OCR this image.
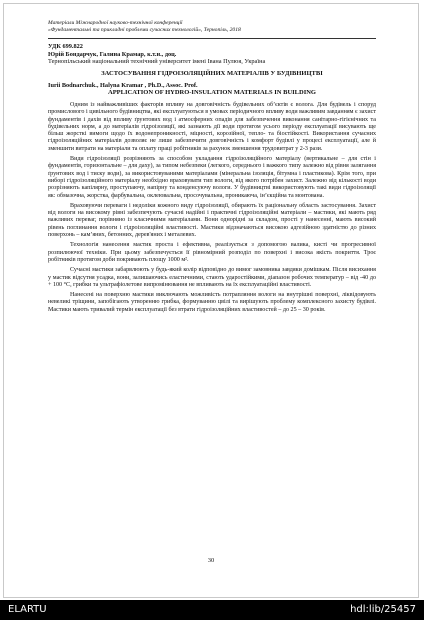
Матеріали Міжнародної науково-технічної конференції
«Фундаментальні та прикладні проблеми сучасних технологій», Тернопіль, 2018
УДК 699.822
Юрій Бондарчук, Галина Крамар, к.т.н., доц.
Тернопільський національний технічний університет імені Івана Пулюя, Україна
ЗАСТОСУВАННЯ ГІДРОІЗОЛЯЦІЙНИХ МАТЕРІАЛІВ У БУДІВНИЦТВІ
Iurii Bodnarchuk., Halyna Kramar , Ph.D., Assoc. Prof.
APPLICATION OF HYDRO-INSULATION MATERIALS IN BUILDING

Одним із найважливіших факторів впливу на довговічність будівельних об’єктів є волога. Для будівель і споруд промислового і цивільного будівництва, які експлуатуються в умовах періодичного впливу води важливим завданням є захист фундаментів і дахів від впливу ґрунтових вод і атмосферних опадів для забезпечення виконання санітарно-гігієнічних та будівельних норм, а до матеріалів гідроізоляції, які зазнають дії води протягом усього періоду експлуатації висувають ще більш жорсткі вимоги щодо їх водонепроникності, міцності, корозійної, тепло- та біостійкості. Використання сучасних гідроізоляційних матеріалів дозволяє не лише забезпечити довговічність і комфорт будівлі у процесі експлуатації, але й зменшити витрати на матеріали та оплату праці робітників за рахунок зменшення трудовитрат у 2-3 рази.

Види гідроізоляції розрізняють за способом укладання гідроізоляційного матеріалу (вертикальне – для стін і фундаментів, горизонтальне – для даху), за типом небезпеки (легкого, середнього і важкого типу залежно від рівня залягання ґрунтових вод і тиску води), за використовуваними матеріалами (мінеральна ізоляція, бітумна і пластикова). Крім того, при виборі гідроізоляційного матеріалу необхідно враховувати тип вологи, від якого потрібен захист. Залежно від кількості води розрізняють капілярну, проступаючу, напірну та конденсуючу вологи. У будівництві використовують такі види гідроізоляції як: обмазочна, жорстка, фарбувальна, оклеювальна, просочувальна, проникаюча, ін’єкційна та монтована.

Враховуючи переваги і недоліки кожного виду гідроізоляції, обирають їх раціональну область застосування. Захист від вологи на високому рівні забезпечують сучасні надійні і практичні гідроізоляційні матеріали – мастики, які мають ряд важливих переваг, порівняно із класичними матеріалами. Вони однорідні за складом, прості у нанесенні, мають високий рівень поглинання вологи і гідроізоляційні властивості. Мастики відзначаються високою адгезійною здатністю до різних поверхонь – кам’яних, бетонних, дерев'яних і металевих.

Технологія нанесення мастик проста і ефективна, реалізується з допомогою валика, кисті чи прогресивної розпилюючої техніки. При цьому забезпечується її рівномірний розподіл по поверхні і висока якість покриття. Троє робітників протягом доби покривають площу 1000 м².

Сучасні мастики забарвлюють у будь-який колір відповідно до вимог замовника завдяки домішкам. Після висихання у мастик відсутня усадка, вони, залишаючись еластичними, стають ударостійкими, діапазон робочих температур – від -40 до + 100 °С, грибки та ультрафіолетове випромінювання не впливають на їх експлуатаційні властивості.

Нанесені на поверхню мастики виключають можливість потрапляння вологи на внутрішні поверхні, ліквідовують невеликі тріщини, запобігають утворенню грибка, формуванню цвілі та вирішують проблему комплексного захисту будівлі. Мастики мають тривалий термін експлуатації без втрати гідроізоляційних властивостей – до 25 – 30 років.

30
ELARTU	hdl:lib/25457
